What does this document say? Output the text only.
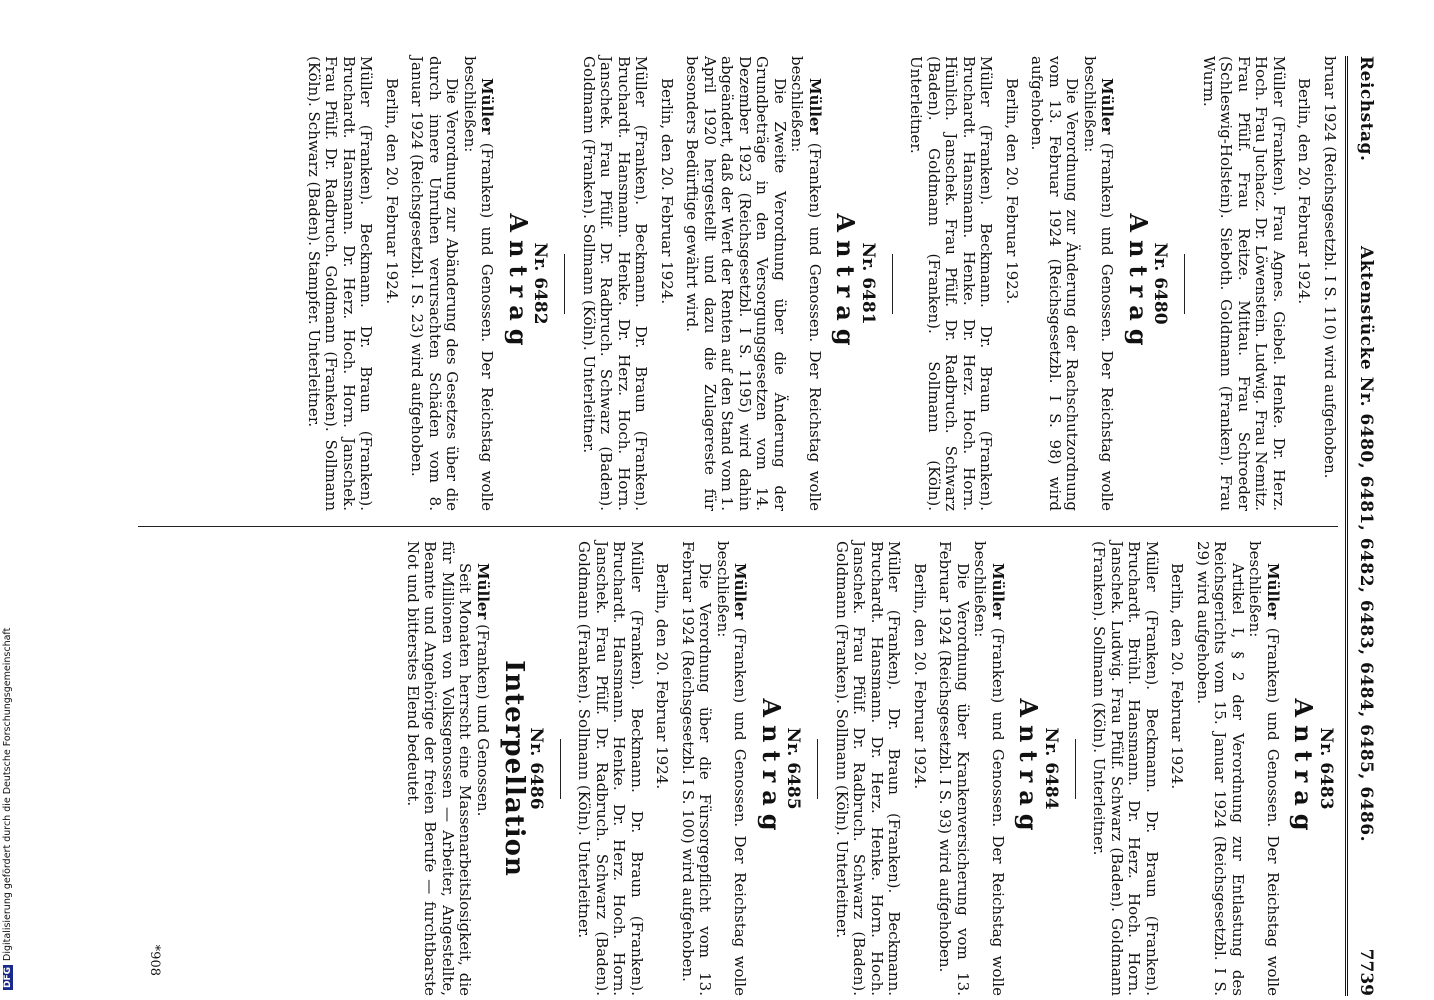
Reichstag.
Aktenstücke Nr. 6480, 6481, 6482, 6483, 6484, 6485, 6486.
7739

bruar 1924 (Reichsgesetzbl. I S. 110) wird aufgehoben.

Berlin, den 20. Februar 1924.

Müller (Franken). Frau Agnes. Giebel. Henke. Dr. Herz. Hoch. Frau Juchacz. Dr. Löwenstein. Ludwig. Frau Nemitz. Frau Pfülf. Frau Reitze. Mittau. Frau Schroeder (Schleswig-Holstein). Sieboth. Goldmann (Franken). Frau Wurm.

Nr. 6480
Antrag

Müller (Franken) und Genossen. Der Reichstag wolle beschließen:

Die Verordnung zur Änderung der Rachschutzordnung vom 13. Februar 1924 (Reichsgesetzbl. I S. 98) wird aufgehoben.

Berlin, den 20. Februar 1923.

Müller (Franken). Beckmann. Dr. Braun (Franken). Bruchardt. Hansmann. Henke. Dr. Herz. Hoch. Horn. Hünlich. Janschek. Frau Pfülf. Dr. Radbruch. Schwarz (Baden). Goldmann (Franken). Sollmann (Köln). Unterleitner.

Nr. 6481
Antrag

Müller (Franken) und Genossen. Der Reichstag wolle beschließen:

Die Zweite Verordnung über die Änderung der Grundbeträge in den Versorgungsgesetzen vom 14. Dezember 1923 (Reichsgesetzbl. I S. 1195) wird dahin abgeändert, daß der Wert der Renten auf den Stand vom 1. April 1920 hergestellt und dazu die Zulagereste für besonders Bedürftige gewährt wird.

Berlin, den 20. Februar 1924.

Müller (Franken). Beckmann. Dr. Braun (Franken). Bruchardt. Hansmann. Henke. Dr. Herz. Hoch. Horn. Janschek. Frau Pfülf. Dr. Radbruch. Schwarz (Baden). Goldmann (Franken). Sollmann (Köln). Unterleitner.

Nr. 6482
Antrag

Müller (Franken) und Genossen. Der Reichstag wolle beschließen:

Die Verordnung zur Abänderung des Gesetzes über die durch innere Unruhen verursachten Schäden vom 8. Januar 1924 (Reichsgesetzbl. I S. 23) wird aufgehoben.

Berlin, den 20. Februar 1924.

Müller (Franken). Beckmann. Dr. Braun (Franken). Bruchardt. Hansmann. Dr. Herz. Hoch. Horn. Janschek. Frau Pfülf. Dr. Radbruch. Goldmann (Franken). Sollmann (Köln). Schwarz (Baden). Stampfer. Unterleitner.

Nr. 6483
Antrag

Müller (Franken) und Genossen. Der Reichstag wolle beschließen:

Artikel I, § 2 der Verordnung zur Entlastung des Reichsgerichts vom 15. Januar 1924 (Reichsgesetzbl. I S. 29) wird aufgehoben.

Berlin, den 20. Februar 1924.

Müller (Franken). Beckmann. Dr. Braun (Franken). Bruchardt. Brühl. Hansmann. Dr. Herz. Hoch. Horn. Janschek. Ludwig. Frau Pfülf. Schwarz (Baden). Goldmann (Franken). Sollmann (Köln). Unterleitner.

Nr. 6484
Antrag

Müller (Franken) und Genossen. Der Reichstag wolle beschließen:

Die Verordnung über Krankenversicherung vom 13. Februar 1924 (Reichsgesetzbl. I S. 93) wird aufgehoben.

Berlin, den 20. Februar 1924.

Müller (Franken). Dr. Braun (Franken). Beckmann. Bruchardt. Hansmann. Dr. Herz. Henke. Horn. Hoch. Janschek. Frau Pfülf. Dr. Radbruch. Schwarz (Baden). Goldmann (Franken). Sollmann (Köln). Unterleitner.

Nr. 6485
Antrag

Müller (Franken) und Genossen. Der Reichstag wolle beschließen:

Die Verordnung über die Fürsorgepflicht vom 13. Februar 1924 (Reichsgesetzbl. I S. 100) wird aufgehoben.

Berlin, den 20. Februar 1924.

Müller (Franken). Beckmann. Dr. Braun (Franken). Bruchardt. Hansmann. Henke. Dr. Herz. Hoch. Horn. Janschek. Frau Pfülf. Dr. Radbruch. Schwarz (Baden). Goldmann (Franken). Sollmann (Köln). Unterleitner.

Nr. 6486
Interpellation

Müller (Franken) und Genossen.

Seit Monaten herrscht eine Massenarbeitslosigkeit, die für Millionen von Volksgenossen — Arbeiter, Angestellte, Beamte und Angehörige der freien Berufe — furchtbarste Not und bitterstes Elend bedeutet.

*908
DFGDigitalisierung gefördert durch die Deutsche Forschungsgemeinschaft
